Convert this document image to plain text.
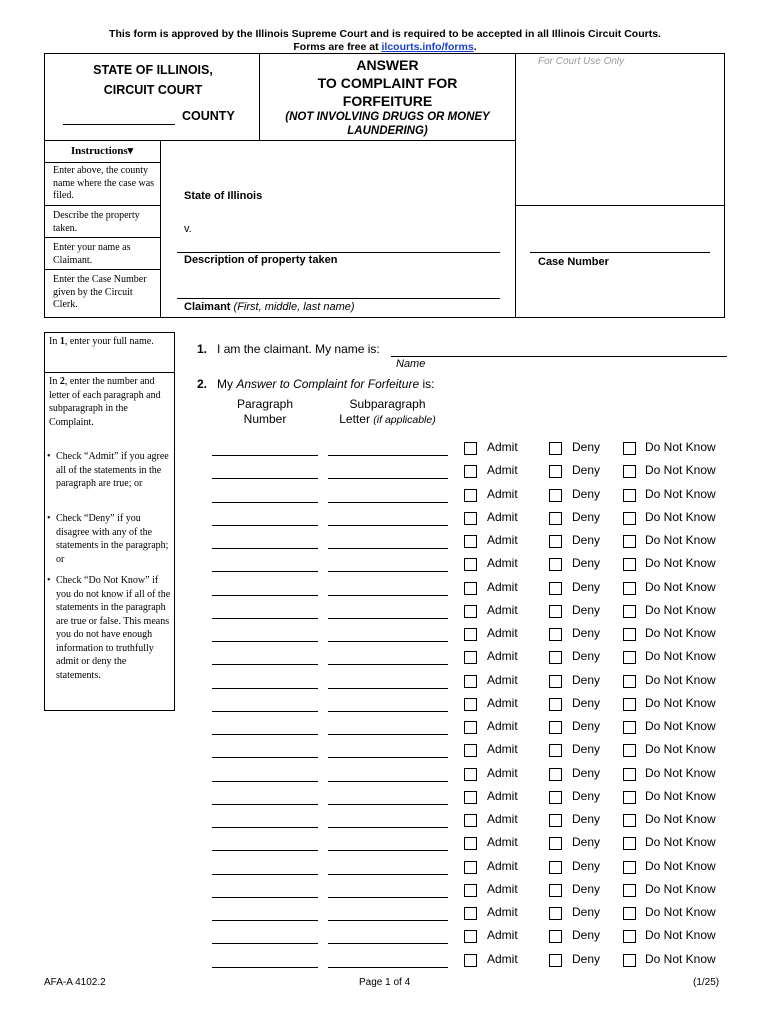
This form is approved by the Illinois Supreme Court and is required to be accepted in all Illinois Circuit Courts.
Forms are free at ilcourts.info/forms.
STATE OF ILLINOIS,
CIRCUIT COURT
COUNTY
ANSWER
TO COMPLAINT FOR
FORFEITURE
(NOT INVOLVING DRUGS OR MONEY LAUNDERING)
For Court Use Only
Instructions▾
Enter above, the county name where the case was filed.
Describe the property taken.
Enter your name as Claimant.
Enter the Case Number given by the Circuit Clerk.
State of Illinois
v.
Description of property taken
Claimant (First, middle, last name)
Case Number
In 1, enter your full name.
In 2, enter the number and letter of each paragraph and subparagraph in the Complaint.
• Check “Admit” if you agree all of the statements in the paragraph are true; or
• Check “Deny” if you disagree with any of the statements in the paragraph; or
• Check “Do Not Know” if you do not know if all of the statements in the paragraph are true or false. This means you do not have enough information to truthfully admit or deny the statements.
1. I am the claimant. My name is:
Name
2. My Answer to Complaint for Forfeiture is:
Paragraph
Number
Subparagraph
Letter (if applicable)
Admit	Deny	Do Not Know
Admit	Deny	Do Not Know
Admit	Deny	Do Not Know
Admit	Deny	Do Not Know
Admit	Deny	Do Not Know
Admit	Deny	Do Not Know
Admit	Deny	Do Not Know
Admit	Deny	Do Not Know
Admit	Deny	Do Not Know
Admit	Deny	Do Not Know
Admit	Deny	Do Not Know
Admit	Deny	Do Not Know
Admit	Deny	Do Not Know
Admit	Deny	Do Not Know
Admit	Deny	Do Not Know
Admit	Deny	Do Not Know
Admit	Deny	Do Not Know
Admit	Deny	Do Not Know
Admit	Deny	Do Not Know
Admit	Deny	Do Not Know
Admit	Deny	Do Not Know
Admit	Deny	Do Not Know
Admit	Deny	Do Not Know
AFA-A 4102.2	Page 1 of 4	(1/25)
